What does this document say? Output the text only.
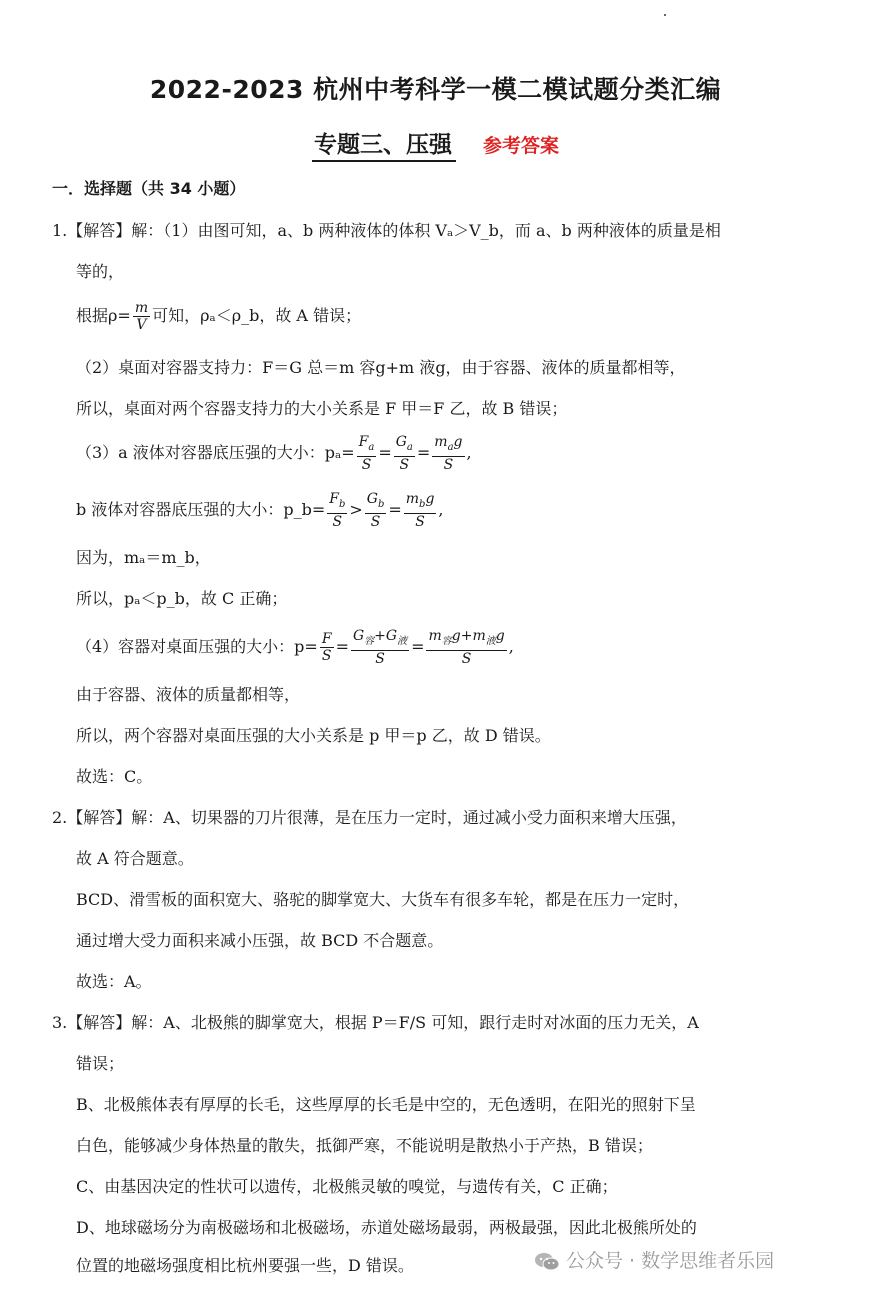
2022-2023 杭州中考科学一模二模试题分类汇编
专题三、压强 参考答案
一．选择题（共 34 小题）
1.【解答】解：（1）由图可知，a、b 两种液体的体积 Vₐ＞V_b，而 a、b 两种液体的质量是相
等的，
根据$\rho= \frac{m}{V}$ 可知，ρₐ＜ρ_b，故 A 错误；
（2）桌面对容器支持力：F＝G 总＝m 容g+m 液g，由于容器、液体的质量都相等，
所以，桌面对两个容器支持力的大小关系是 F 甲＝F 乙，故 B 错误；
（3）a 液体对容器底压强的大小：$p_a= \frac{F_a}{S} = \frac{G_a}{S} = \frac{m_ag}{S}$ ,
b 液体对容器底压强的大小：p_b= $\frac{F_b}{S} > \frac{G_b}{S} = \frac{m_bg}{S}$ ,
因为，mₐ＝m_b，
所以，pₐ＜p_b，故 C 正确；
（4）容器对桌面压强的大小：$p= \frac{F}{S} = \frac{G_容+G_液}{S} = \frac{m_容g+m_液g}{S}$ ,
由于容器、液体的质量都相等，
所以，两个容器对桌面压强的大小关系是 p 甲＝p 乙，故 D 错误。
故选：C。
2.【解答】解：A、切果器的刀片很薄，是在压力一定时，通过减小受力面积来增大压强，
故 A 符合题意。
BCD、滑雪板的面积宽大、骆驼的脚掌宽大、大货车有很多车轮，都是在压力一定时，
通过增大受力面积来减小压强，故 BCD 不合题意。
故选：A。
3.【解答】解：A、北极熊的脚掌宽大，根据 P＝F/S 可知，跟行走时对冰面的压力无关，A
错误；
B、北极熊体表有厚厚的长毛，这些厚厚的长毛是中空的，无色透明，在阳光的照射下呈
白色，能够减少身体热量的散失，抵御严寒，不能说明是散热小于产热，B 错误；
C、由基因决定的性状可以遗传，北极熊灵敏的嗅觉，与遗传有关，C 正确；
D、地球磁场分为南极磁场和北极磁场，赤道处磁场最弱，两极最强，因此北极熊所处的
位置的地磁场强度相比杭州要强一些，D 错误。	公众号 · 数学思维者乐园
